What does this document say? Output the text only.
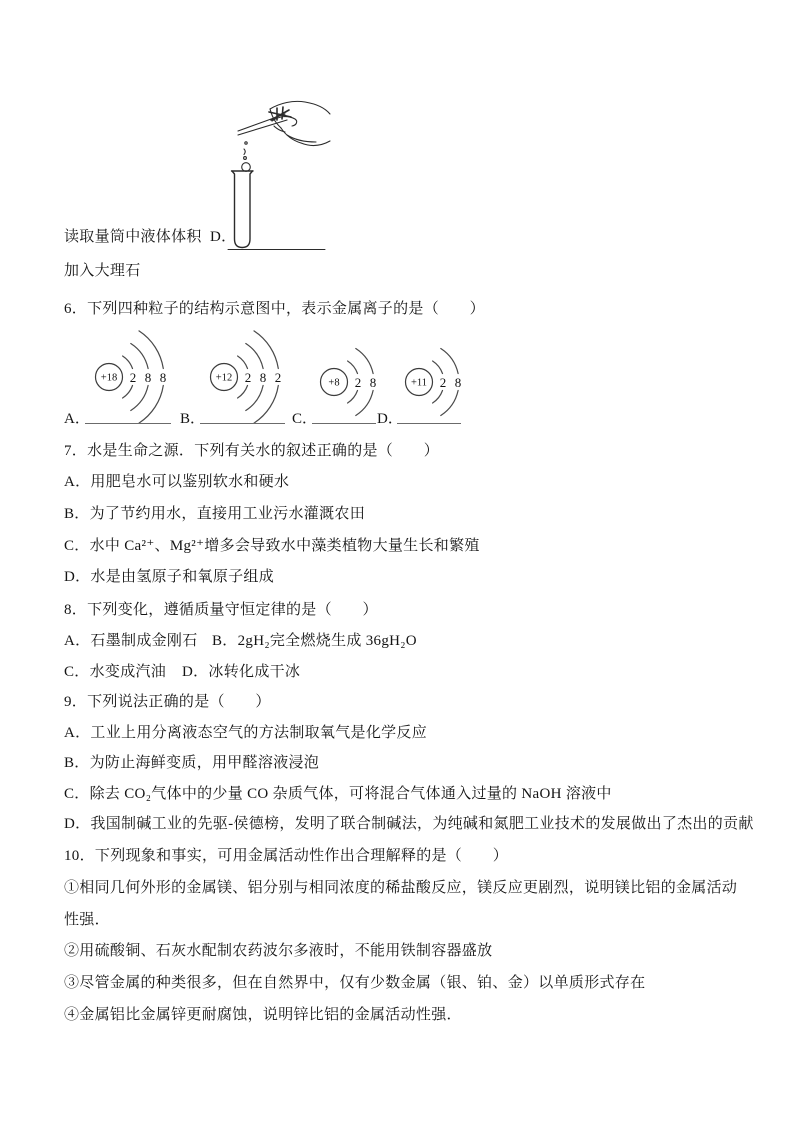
读取量筒中液体体积 D．
加入大理石
6．下列四种粒子的结构示意图中，表示金属离子的是（　　）
+18 2 8 8	+12 2 8 2	+8 2 8	+11 2 8
A．	B．	C．	D．
7．水是生命之源．下列有关水的叙述正确的是（　　）
A．用肥皂水可以鉴别软水和硬水
B．为了节约用水，直接用工业污水灌溉农田
C．水中 Ca²⁺、Mg²⁺增多会导致水中藻类植物大量生长和繁殖
D．水是由氢原子和氧原子组成
8．下列变化，遵循质量守恒定律的是（　　）
A．石墨制成金刚石 B．2gH₂完全燃烧生成 36gH₂O
C．水变成汽油 D．冰转化成干冰
9．下列说法正确的是（　　）
A．工业上用分离液态空气的方法制取氧气是化学反应
B．为防止海鲜变质，用甲醛溶液浸泡
C．除去 CO₂气体中的少量 CO 杂质气体，可将混合气体通入过量的 NaOH 溶液中
D．我国制碱工业的先驱-侯德榜，发明了联合制碱法，为纯碱和氮肥工业技术的发展做出了杰出的贡献
10．下列现象和事实，可用金属活动性作出合理解释的是（　　）
①相同几何外形的金属镁、铝分别与相同浓度的稀盐酸反应，镁反应更剧烈，说明镁比铝的金属活动性强．
②用硫酸铜、石灰水配制农药波尔多液时，不能用铁制容器盛放
③尽管金属的种类很多，但在自然界中，仅有少数金属（银、铂、金）以单质形式存在
④金属铝比金属锌更耐腐蚀，说明锌比铝的金属活动性强．
